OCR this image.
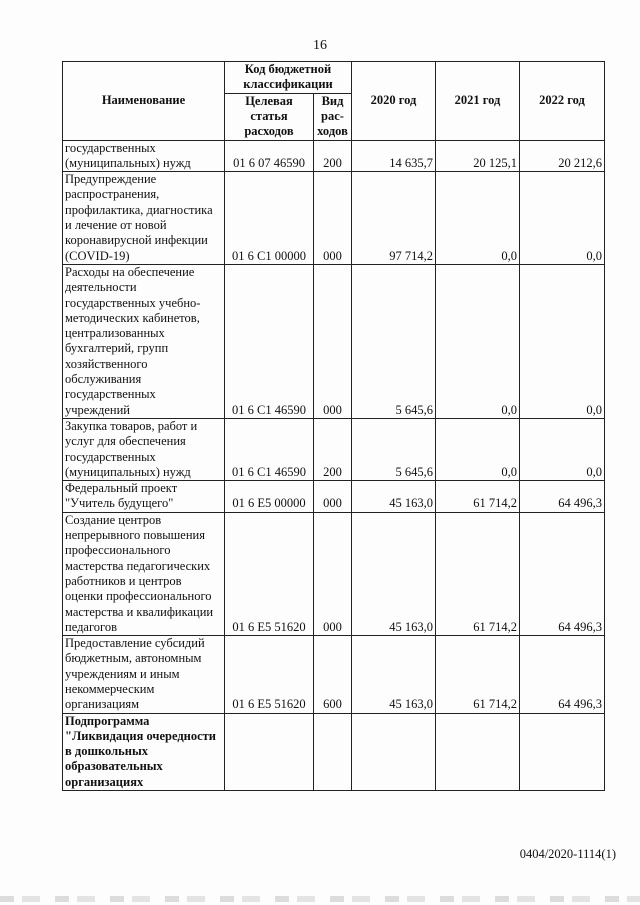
16
Наименование	Код бюджетной классификации		2020 год	2021 год	2022 год
	Целевая статья расходов	Вид рас-ходов			
государственных (муниципальных) нужд	01 6 07 46590	200	14 635,7	20 125,1	20 212,6
Предупреждение распространения, профилактика, диагностика и лечение от новой коронавирусной инфекции (COVID-19)	01 6 C1 00000	000	97 714,2	0,0	0,0
Расходы на обеспечение деятельности государственных учебно-методических кабинетов, централизованных бухгалтерий, групп хозяйственного обслуживания государственных учреждений	01 6 C1 46590	000	5 645,6	0,0	0,0
Закупка товаров, работ и услуг для обеспечения государственных (муниципальных) нужд	01 6 C1 46590	200	5 645,6	0,0	0,0
Федеральный проект "Учитель будущего"	01 6 E5 00000	000	45 163,0	61 714,2	64 496,3
Создание центров непрерывного повышения профессионального мастерства педагогических работников и центров оценки профессионального мастерства и квалификации педагогов	01 6 E5 51620	000	45 163,0	61 714,2	64 496,3
Предоставление субсидий бюджетным, автономным учреждениям и иным некоммерческим организациям	01 6 E5 51620	600	45 163,0	61 714,2	64 496,3
Подпрограмма "Ликвидация очередности в дошкольных образовательных организациях					
0404/2020-1114(1)
